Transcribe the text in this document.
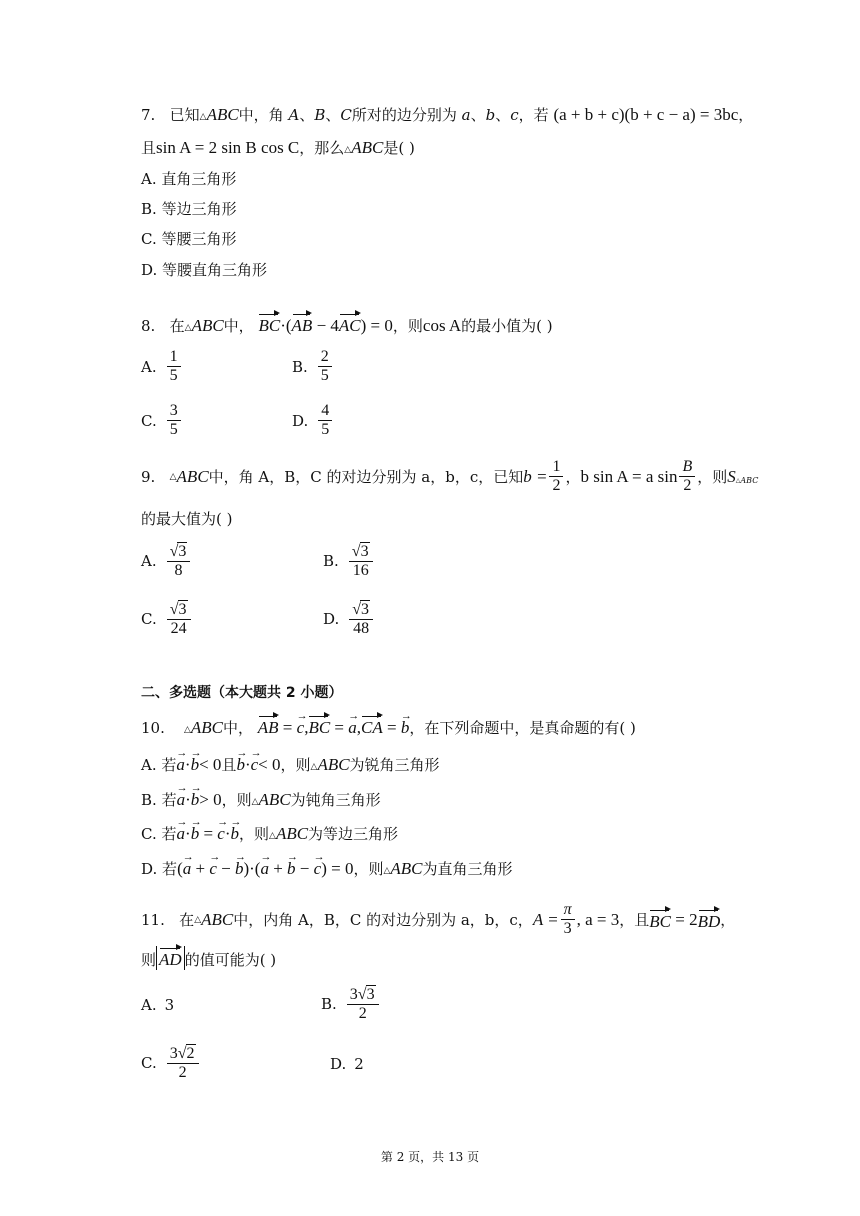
7. 已知△ABC中，角 A、B、C所对的边分别为 a、b、c，若 (a + b + c)(b + c − a) = 3bc，
且sin A = 2 sin B cos C，那么△ABC是( )
A. 直角三角形
B. 等边三角形
C. 等腰三角形
D. 等腰直角三角形
8. 在△ABC中， BC·(AB − 4AC) = 0，则cos A的最小值为( )
A. $\frac{1}{5}$	B. $\frac{2}{5}$
C. $\frac{3}{5}$	D. $\frac{4}{5}$
9.
△ ABC 中，角 A，B，C 的对边分别为 a，b，c，已知 $b = \frac{1}{2}$ ， b sin A = a $\sin \frac{B}{2}$ ，则 S △ABC
的最大值为( )
A. $\frac{√3}{8}$	B. $\frac{√3}{16}$
C. $\frac{√3}{24}$	D. $\frac{√3}{48}$
二、多选题（本大题共 2 小题）
10. △ABC中， AB = c →,BC = a →,CA = b →，在下列命题中，是真命题的有( )
A. 若a →·b →< 0且b →·c →< 0，则△ABC为锐角三角形
B. 若a →·b →> 0，则△ABC为钝角三角形
C. 若a →·b → = c →·b →，则△ABC为等边三角形
D. 若(a → + c → − b →)·(a → + b → − c →) = 0，则△ABC为直角三角形
11.
在 △ ABC 中，内角 A，B，C 的对边分别为 a，b，c， $A = \frac{\pi}{3}$ , a = 3 ，且 BC
= 2 BD ，
则 AD 的值可能为( )
A. 3	B. $\frac{3√3}{2}$
C. $\frac{3√2}{2}$	D. 2
第 2 页，共 13 页
